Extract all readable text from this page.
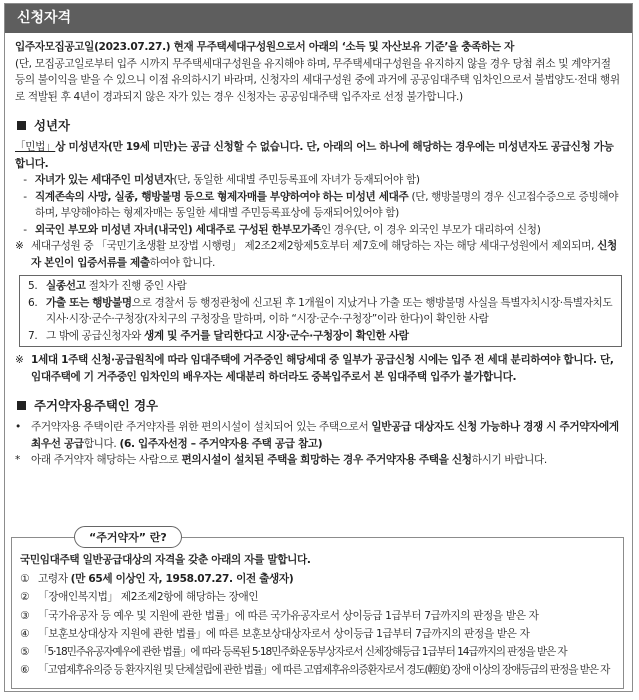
신청자격

입주자모집공고일(2023.07.27.) 현재 무주택세대구성원으로서 아래의 ‘소득 및 자산보유 기준’을 충족하는 자
(단, 모집공고일로부터 입주 시까지 무주택세대구성원을 유지해야 하며, 무주택세대구성원을 유지하지 않을 경우 당첨 취소 및 계약거절 등의 불이익을 받을 수 있으니 이점 유의하시기 바라며, 신청자의 세대구성원 중에 과거에 공공임대주택 임차인으로서 불법양도·전대 행위로 적발된 후 4년이 경과되지 않은 자가 있는 경우 신청자는 공공임대주택 입주자로 선정 불가합니다.)

성년자

「민법」상 미성년자(만 19세 미만)는 공급 신청할 수 없습니다. 단, 아래의 어느 하나에 해당하는 경우에는 미성년자도 공급신청 가능합니다.

- 자녀가 있는 세대주인 미성년자(단, 동일한 세대별 주민등록표에 자녀가 등재되어야 함)
- 직계존속의 사망, 실종, 행방불명 등으로 형제자매를 부양하여야 하는 미성년 세대주 (단, 행방불명의 경우 신고접수증으로 증빙해야하며, 부양해야하는 형제자매는 동일한 세대별 주민등록표상에 등재되어있어야 함)
- 외국인 부모와 미성년 자녀(내국인) 세대주로 구성된 한부모가족인 경우(단, 이 경우 외국인 부모가 대리하여 신청)
※ 세대구성원 중 「국민기초생활 보장법 시행령」 제2조2제2항제5호부터 제7호에 해당하는 자는 해당 세대구성원에서 제외되며, 신청자 본인이 입증서류를 제출하여야 합니다.
5. 실종선고 절차가 진행 중인 사람
6. 가출 또는 행방불명으로 경찰서 등 행정관청에 신고된 후 1개월이 지났거나 가출 또는 행방불명 사실을 특별자치시장·특별자치도지사·시장·군수·구청장(자치구의 구청장을 말하며, 이하 “시장·군수·구청장”이라 한다)이 확인한 사람
7. 그 밖에 공급신청자와 생계 및 주거를 달리한다고 시장·군수·구청장이 확인한 사람
※ 1세대 1주택 신청·공급원칙에 따라 임대주택에 거주중인 해당세대 중 일부가 공급신청 시에는 입주 전 세대 분리하여야 합니다. 단, 임대주택에 기 거주중인 임차인의 배우자는 세대분리 하더라도 중복입주로서 본 임대주택 입주가 불가합니다.
주거약자용주택인 경우
• 주거약자용 주택이란 주거약자를 위한 편의시설이 설치되어 있는 주택으로서 일반공급 대상자도 신청 가능하나 경쟁 시 주거약자에게 최우선 공급합니다. (6. 입주자선정 – 주거약자용 주택 공급 참고)
*	아래 주거약자 해당하는 사람으로 편의시설이 설치된 주택을 희망하는 경우 주거약자용 주택을 신청하시기 바랍니다.
“주거약자” 란?
국민임대주택 일반공급대상의 자격을 갖춘 아래의 자를 말합니다.
① 고령자 (만 65세 이상인 자, 1958.07.27. 이전 출생자)
② 「장애인복지법」 제2조제2항에 해당하는 장애인
③ 「국가유공자 등 예우 및 지원에 관한 법률」에 따른 국가유공자로서 상이등급 1급부터 7급까지의 판정을 받은 자
④ 「보훈보상대상자 지원에 관한 법률」에 따른 보훈보상대상자로서 상이등급 1급부터 7급까지의 판정을 받은 자
⑤ 「5·18민주유공자예우에 관한 법률」에 따라 등록된 5·18민주화운동부상자로서 신체장해등급 1급부터 14급까지의 판정을 받은 자
⑥ 「고엽제후유의증 등 환자지원 및 단체설립에 관한 법률」에 따른 고엽제후유의증환자로서 경도(輕度) 장애 이상의 장애등급의 판정을 받은 자
